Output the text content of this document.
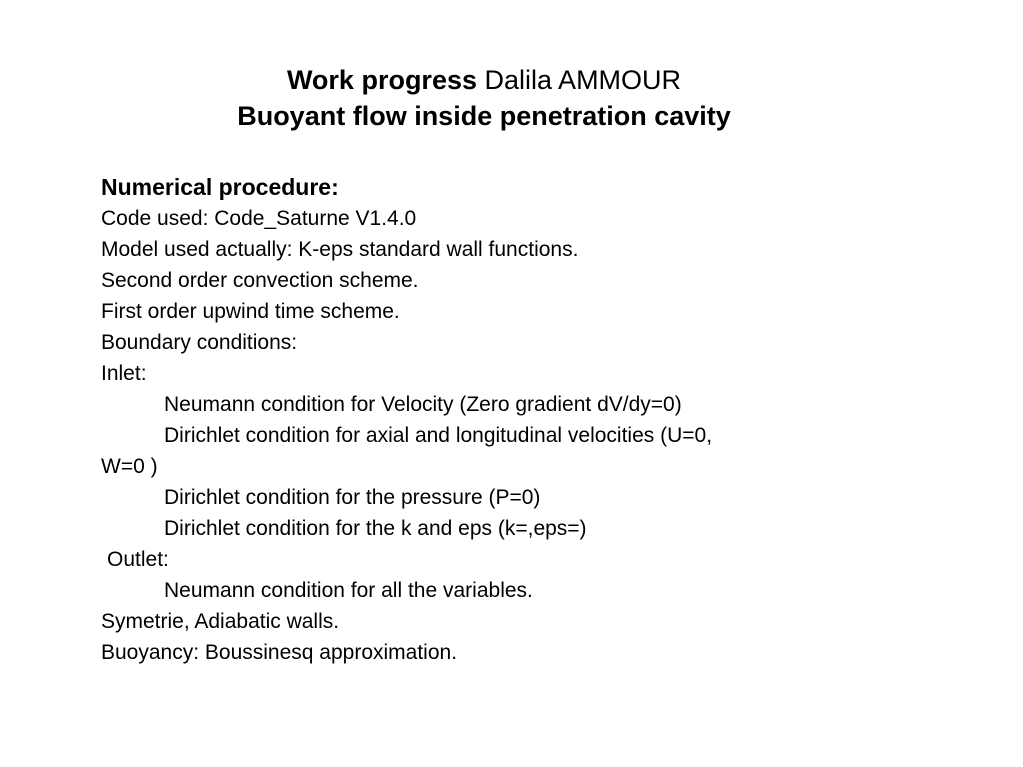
Work progress Dalila AMMOUR
Buoyant flow inside penetration cavity
Numerical procedure:
Code used: Code_Saturne V1.4.0
Model used actually: K-eps standard wall functions.
Second order convection scheme.
First order upwind time scheme.
Boundary conditions:
Inlet:
Neumann condition for Velocity (Zero gradient dV/dy=0)
Dirichlet condition for axial and longitudinal velocities (U=0,
W=0 )
Dirichlet condition for the pressure (P=0)
Dirichlet condition for the k and eps (k=,eps=)
Outlet:
Neumann condition for all the variables.
Symetrie, Adiabatic walls.
Buoyancy: Boussinesq approximation.
